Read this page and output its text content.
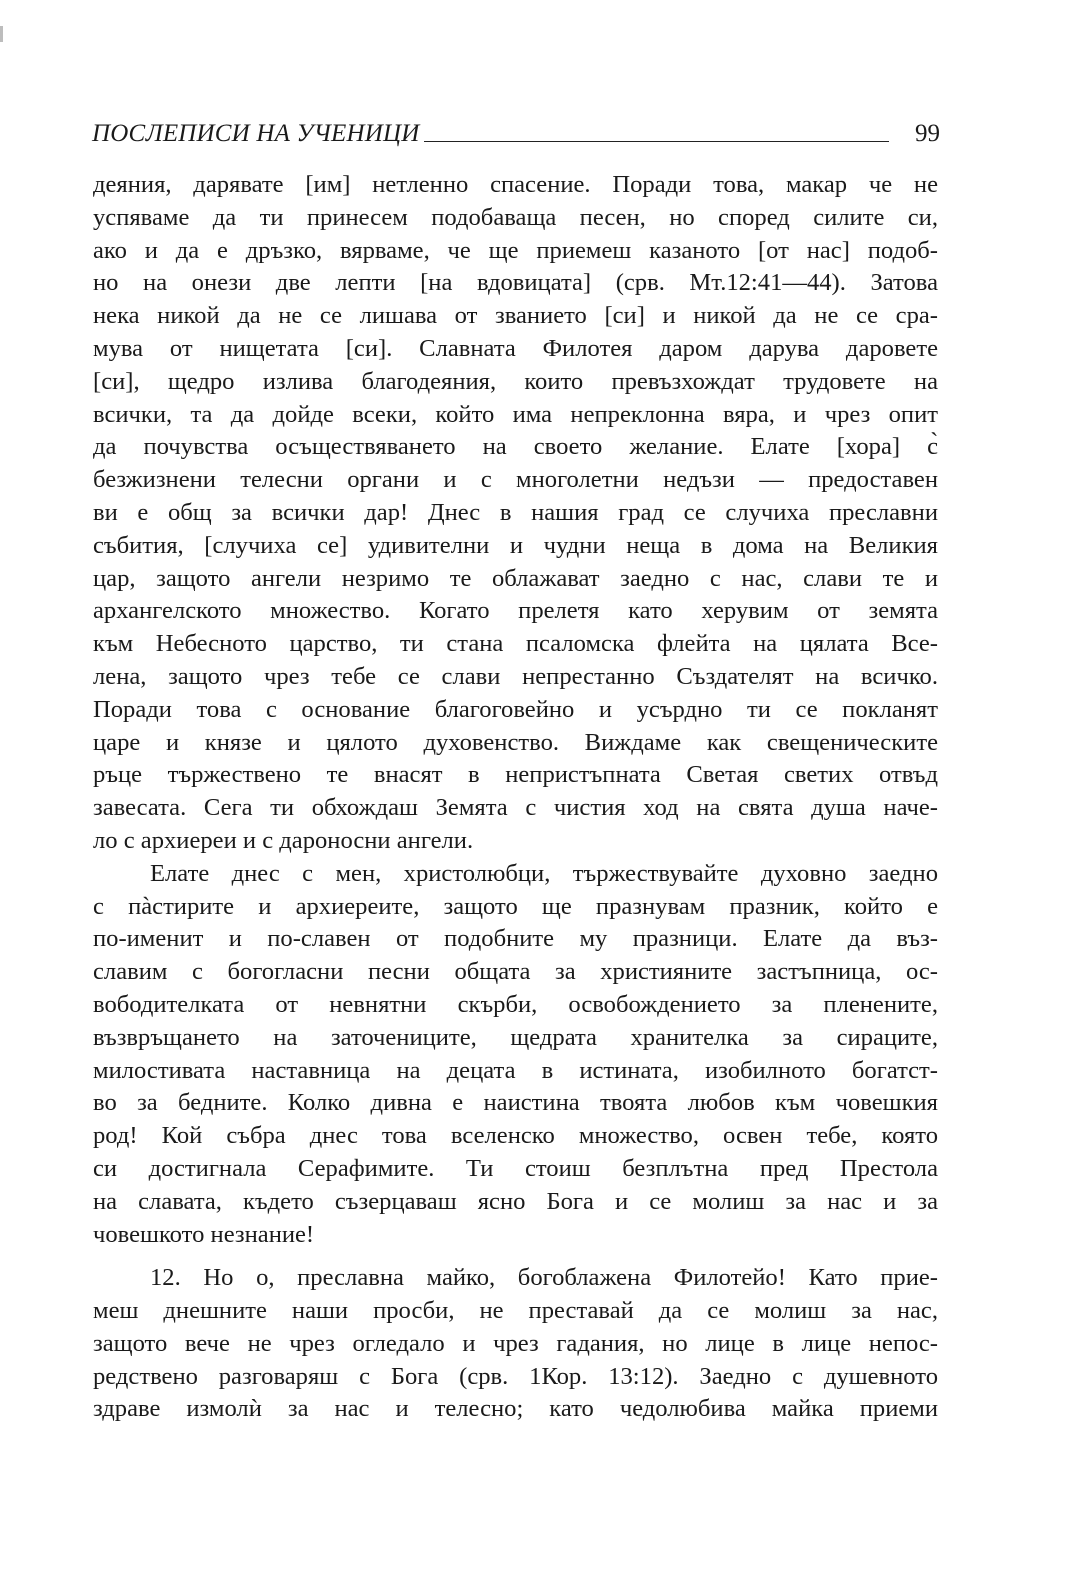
ПОСЛЕПИСИ НА УЧЕНИЦИ	99
деяния, дарявате [им] нетленно спасение. Поради това, макар че не
успяваме да ти принесем подобаваща песен, но според силите си,
ако и да е дръзко, вярваме, че ще приемеш казаното [от нас] подоб-
но на онези две лепти [на вдовицата] (срв. Мт.12:41—44). Затова
нека никой да не се лишава от званието [си] и никой да не се сра-
мува от нищетата [си]. Славната Филотея даром дарува даровете
[си], щедро излива благодеяния, които превъзхождат трудовете на
всички, та да дойде всеки, който има непреклонна вяра, и чрез опит
да почувства осъществяването на своето желание. Елате [хора] с̀
безжизнени телесни органи и с многолетни недъзи — предоставен
ви е общ за всички дар! Днес в нашия град се случиха преславни
събития, [случиха се] удивителни и чудни неща в дома на Великия
цар, защото ангели незримо те облажават заедно с нас, слави те и
архангелското множество. Когато прелетя като херувим от земята
към Небесното царство, ти стана псаломска флейта на цялата Все-
лена, защото чрез тебе се слави непрестанно Създателят на всичко.
Поради това с основание благоговейно и усърдно ти се покланят
царе и князе и цялото духовенство. Виждаме как свещеническите
ръце тържествено те внасят в непристъпната Светая светих отвъд
завесата. Сега ти обхождаш Земята с чистия ход на свята душа наче-
ло с архиереи и с дароносни ангели.
Елате днес с мен, христолюбци, тържествувайте духовно заедно
с пàстирите и архиереите, защото ще празнувам празник, който е
по-именит и по-славен от подобните му празници. Елате да въз-
славим с богогласни песни общата за християните застъпница, ос-
вободителката от невнятни скърби, освобождението за пленените,
възвръщането на заточениците, щедрата хранителка за сираците,
милостивата наставница на децата в истината, изобилното богатст-
во за бедните. Колко дивна е наистина твоята любов към човешкия
род! Кой събра днес това вселенско множество, освен тебе, която
си достигнала Серафимите. Ти стоиш безплътна пред Престола
на славата, където съзерцаваш ясно Бога и се молиш за нас и за
човешкото незнание!
12. Но о, преславна майко, богоблажена Филотейо! Като прие-
меш днешните наши просби, не преставай да се молиш за нас,
защото вече не чрез огледало и чрез гадания, но лице в лице непос-
редствено разговаряш с Бога (срв. 1Кор. 13:12). Заедно с душевното
здраве измолѝ за нас и телесно; като чедолюбива майка приеми
